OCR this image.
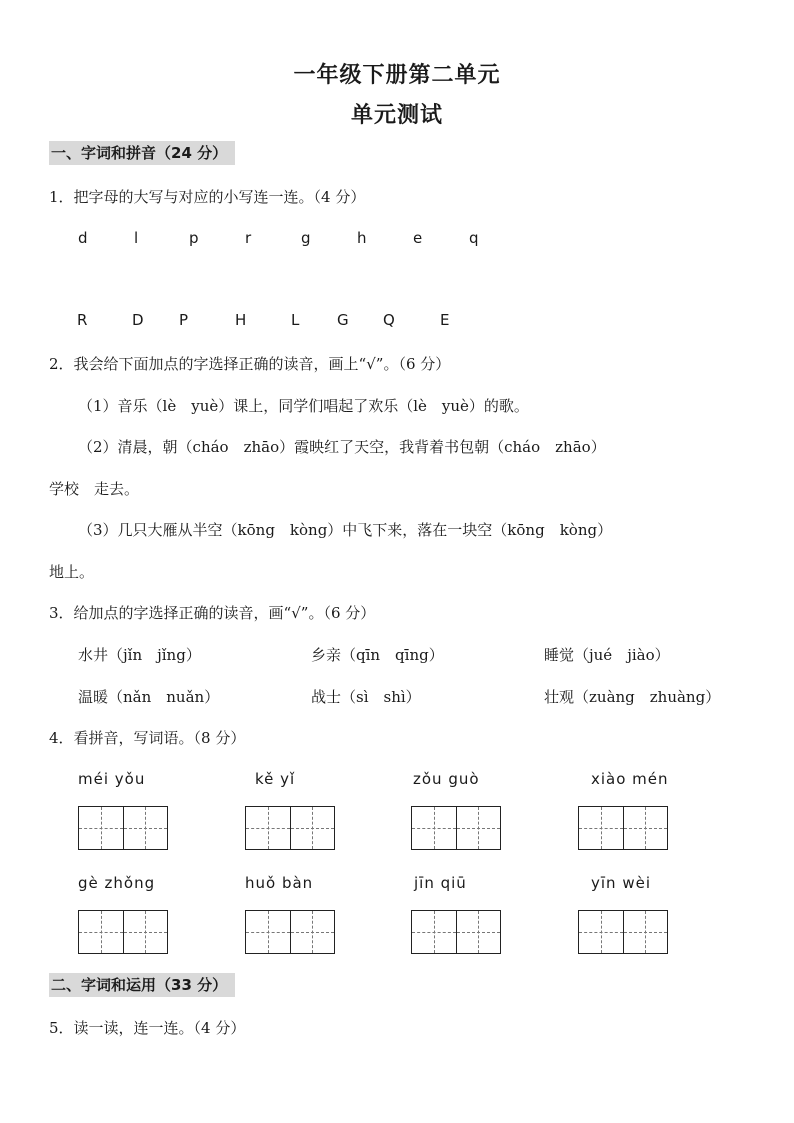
一年级下册第二单元
单元测试
一、字词和拼音（24 分）
1．把字母的大写与对应的小写连一连。（4 分）
d	l	p	r	g	h	e	q
R	D P	H	L	G Q	E
2．我会给下面加点的字选择正确的读音，画上“√”。（6 分）
（1）音乐（lè　yuè）课上，同学们唱起了欢乐（lè　yuè）的歌。
（2）清晨，朝（cháo　zhāo）霞映红了天空，我背着书包朝（cháo　zhāo）
学校　走去。
（3）几只大雁从半空（kōng　kòng）中飞下来，落在一块空（kōng　kòng）
地上。
3．给加点的字选择正确的读音，画“√”。（6 分）
水井（jǐn　jǐng）	乡亲（qīn　qīng）	睡觉（jué　jiào）
温暖（nǎn　nuǎn）	战士（sì　shì）	壮观（zuàng　zhuàng）
4．看拼音，写词语。（8 分）
méi yǒu	kě yǐ	zǒu guò	xiào mén
gè zhǒng	huǒ bàn	jīn qiū	yīn wèi
二、字词和运用（33 分）
5．读一读，连一连。（4 分）
